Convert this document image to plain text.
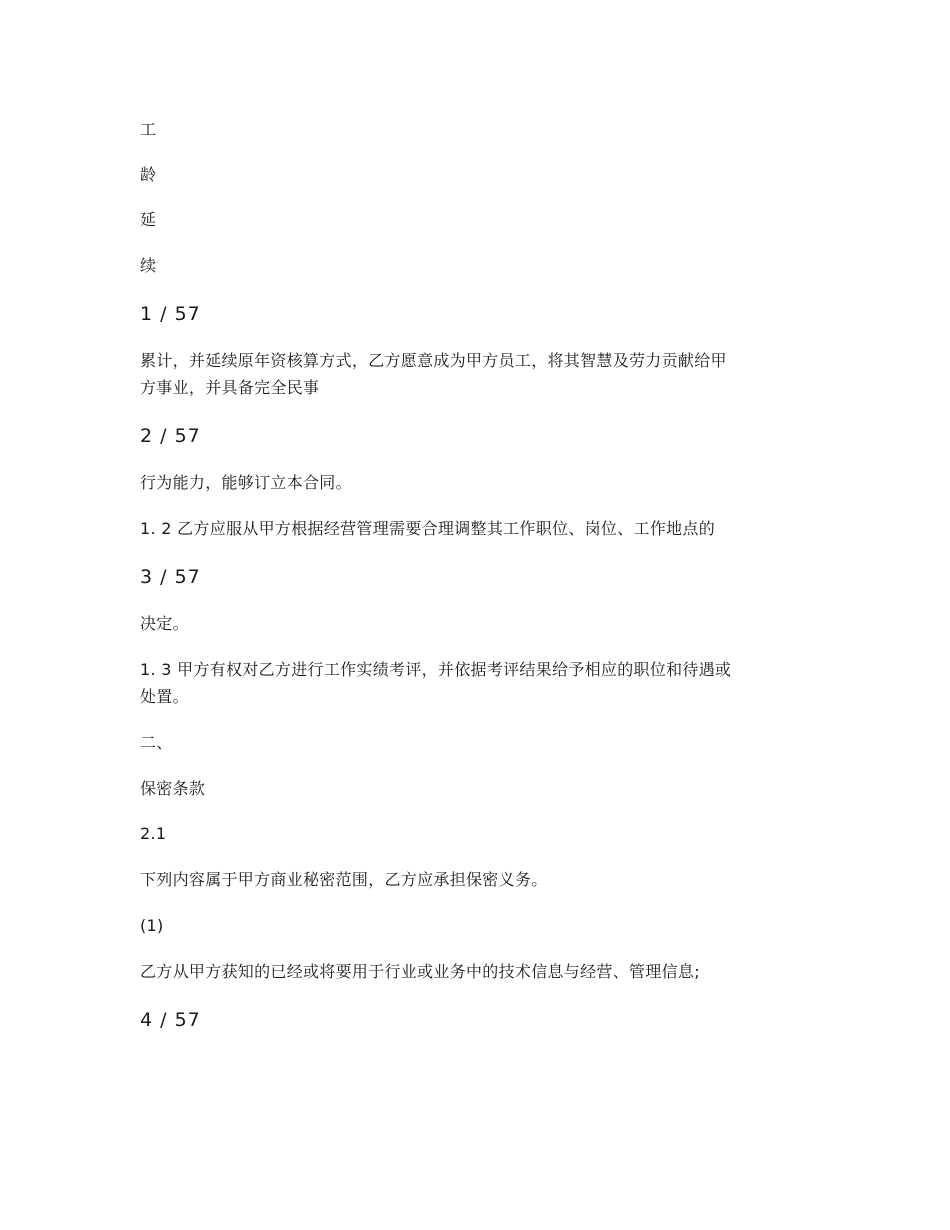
工
龄
延
续
1 / 57
累计，并延续原年资核算方式，乙方愿意成为甲方员工，将其智慧及劳力贡献给甲
方事业，并具备完全民事
2 / 57
行为能力，能够订立本合同。
1. 2 乙方应服从甲方根据经营管理需要合理调整其工作职位、岗位、工作地点的
3 / 57
决定。
1. 3 甲方有权对乙方进行工作实绩考评，并依据考评结果给予相应的职位和待遇或
处置。
二、
保密条款
2.1
下列内容属于甲方商业秘密范围，乙方应承担保密义务。
(1)
乙方从甲方获知的已经或将要用于行业或业务中的技术信息与经营、管理信息;
4 / 57
